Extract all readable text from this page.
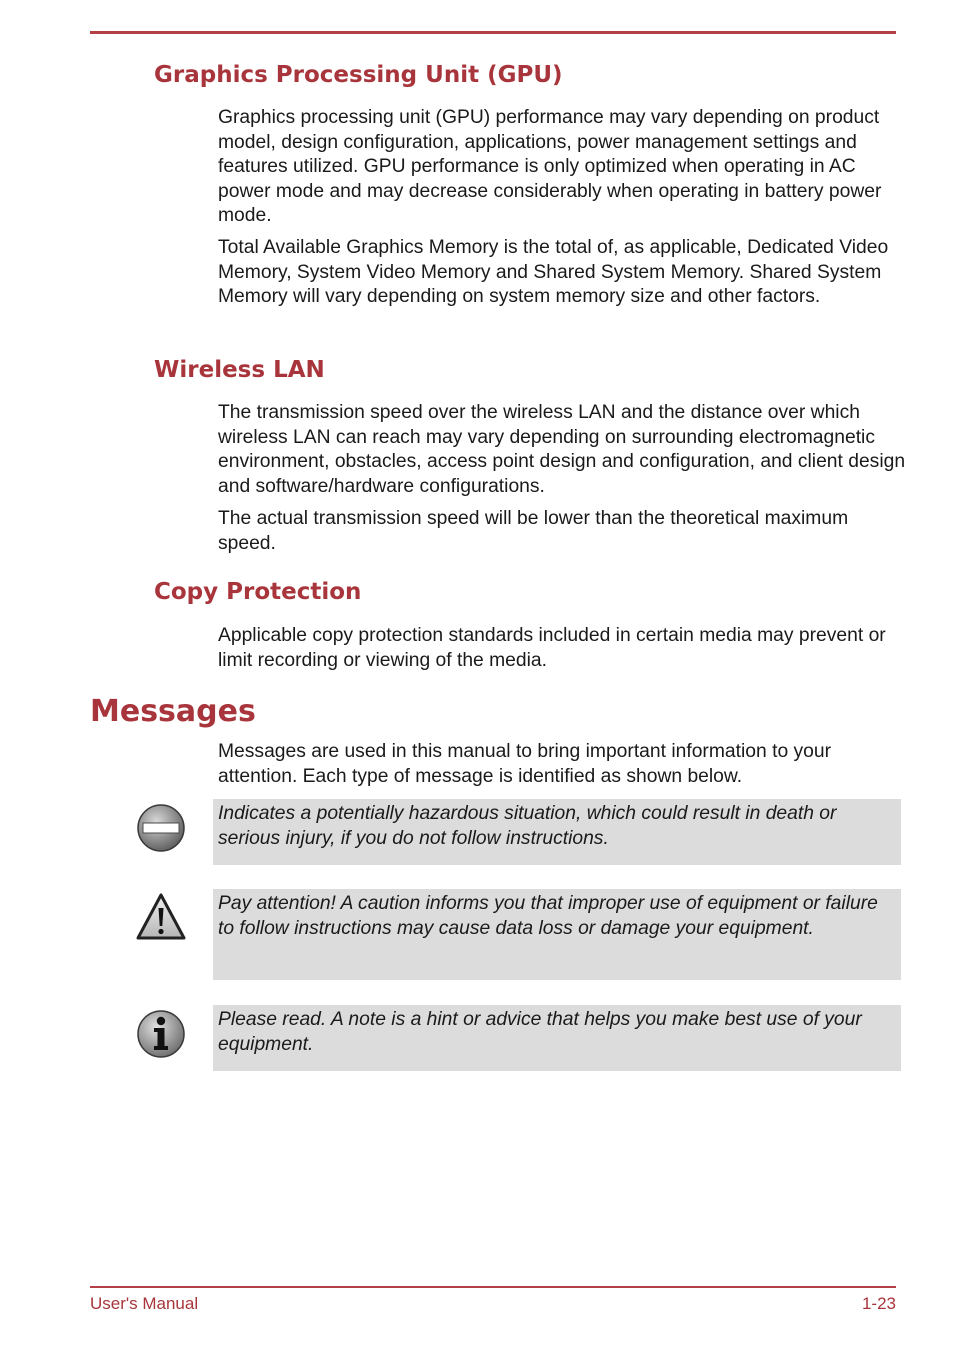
Graphics Processing Unit (GPU)

Graphics processing unit (GPU) performance may vary depending on product model, design configuration, applications, power management settings and features utilized. GPU performance is only optimized when operating in AC power mode and may decrease considerably when operating in battery power mode.

Total Available Graphics Memory is the total of, as applicable, Dedicated Video Memory, System Video Memory and Shared System Memory. Shared System Memory will vary depending on system memory size and other factors.

Wireless LAN

The transmission speed over the wireless LAN and the distance over which wireless LAN can reach may vary depending on surrounding electromagnetic environment, obstacles, access point design and configuration, and client design and software/hardware configurations.

The actual transmission speed will be lower than the theoretical maximum speed.

Copy Protection

Applicable copy protection standards included in certain media may prevent or limit recording or viewing of the media.

Messages

Messages are used in this manual to bring important information to your attention. Each type of message is identified as shown below.

Indicates a potentially hazardous situation, which could result in death or serious injury, if you do not follow instructions.

Pay attention! A caution informs you that improper use of equipment or failure to follow instructions may cause data loss or damage your equipment.

Please read. A note is a hint or advice that helps you make best use of your equipment.

User's Manual	1-23
